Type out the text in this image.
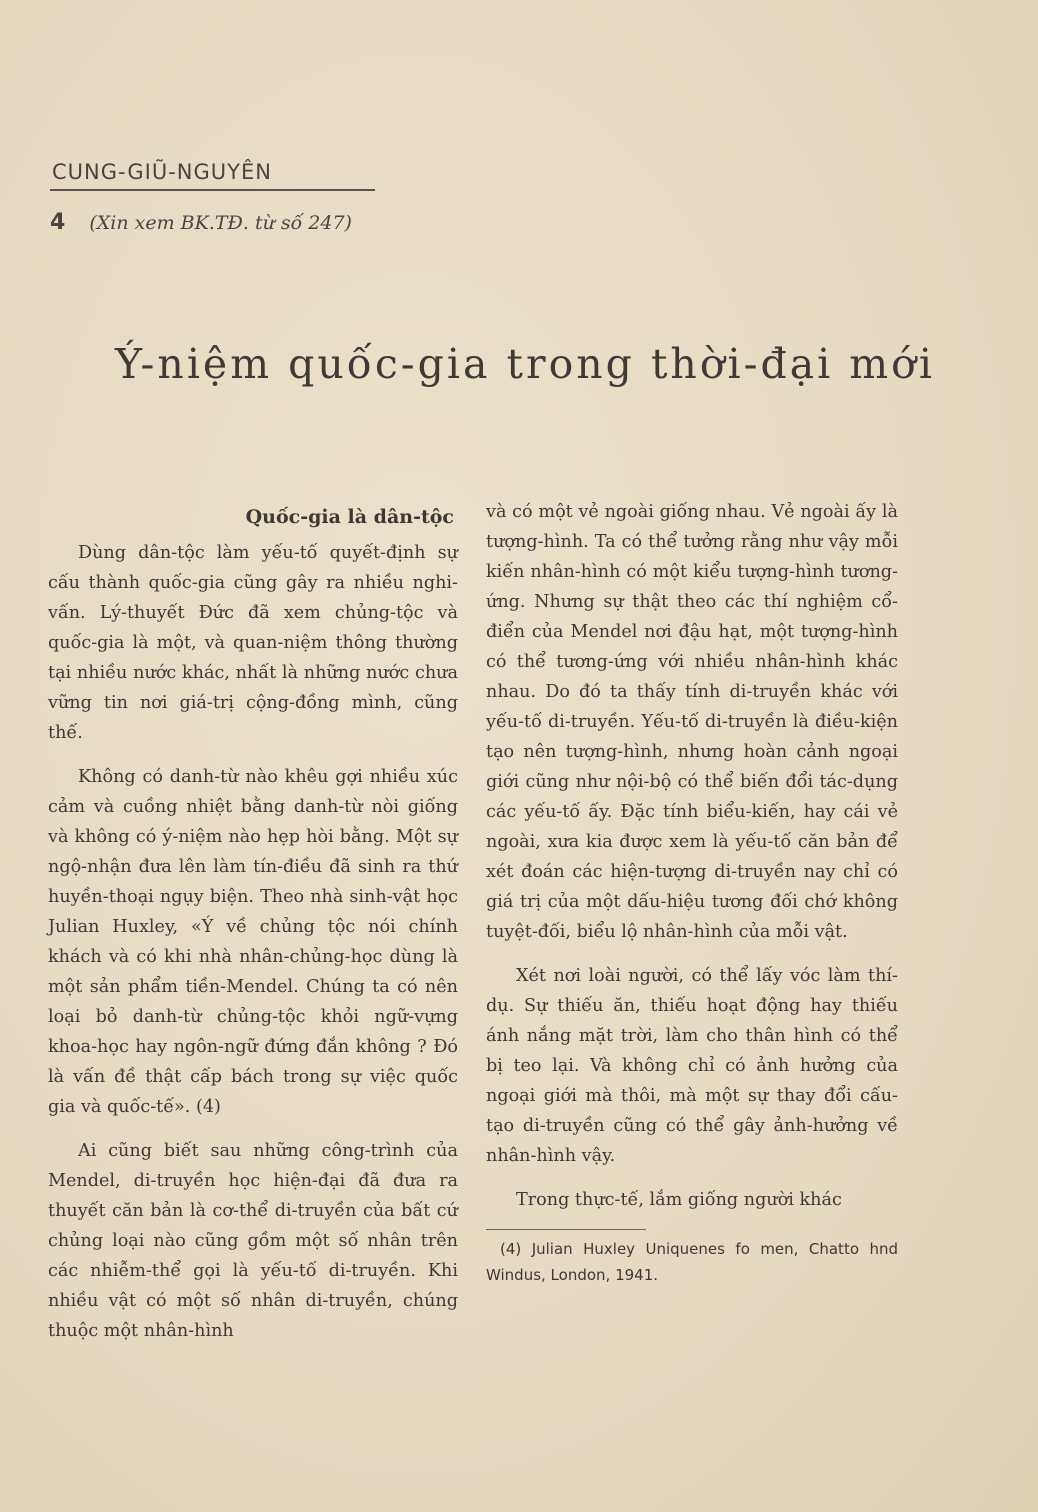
CUNG-GIŨ-NGUYÊN
4 (Xin xem BK.TĐ. từ số 247)
Ý-niệm quốc-gia trong thời-đại mới
Quốc-gia là dân-tộc

Dùng dân-tộc làm yếu-tố quyết-định sự cấu thành quốc-gia cũng gây ra nhiều nghi-vấn. Lý-thuyết Đức đã xem chủng-tộc và quốc-gia là một, và quan-niệm thông thường tại nhiều nước khác, nhất là những nước chưa vững tin nơi giá-trị cộng-đồng mình, cũng thế.

Không có danh-từ nào khêu gợi nhiều xúc cảm và cuồng nhiệt bằng danh-từ nòi giống và không có ý-niệm nào hẹp hòi bằng. Một sự ngộ-nhận đưa lên làm tín-điều đã sinh ra thứ huyền-thoại ngụy biện. Theo nhà sinh-vật học Julian Huxley, «Ý về chủng tộc nói chính khách và có khi nhà nhân-chủng-học dùng là một sản phẩm tiền-Mendel. Chúng ta có nên loại bỏ danh-từ chủng-tộc khỏi ngữ-vựng khoa-học hay ngôn-ngữ đứng đắn không ? Đó là vấn đề thật cấp bách trong sự việc quốc gia và quốc-tế». (4)

Ai cũng biết sau những công-trình của Mendel, di-truyền học hiện-đại đã đưa ra thuyết căn bản là cơ-thể di-truyền của bất cứ chủng loại nào cũng gồm một số nhân trên các nhiễm-thể gọi là yếu-tố di-truyền. Khi nhiều vật có một số nhân di-truyền, chúng thuộc một nhân-hình

và có một vẻ ngoài giống nhau. Vẻ ngoài ấy là tượng-hình. Ta có thể tưởng rằng như vậy mỗi kiến nhân-hình có một kiểu tượng-hình tương-ứng. Nhưng sự thật theo các thí nghiệm cổ-điển của Mendel nơi đậu hạt, một tượng-hình có thể tương-ứng với nhiều nhân-hình khác nhau. Do đó ta thấy tính di-truyền khác với yếu-tố di-truyền. Yếu-tố di-truyền là điều-kiện tạo nên tượng-hình, nhưng hoàn cảnh ngoại giới cũng như nội-bộ có thể biến đổi tác-dụng các yếu-tố ấy. Đặc tính biểu-kiến, hay cái vẻ ngoài, xưa kia được xem là yếu-tố căn bản để xét đoán các hiện-tượng di-truyền nay chỉ có giá trị của một dấu-hiệu tương đối chớ không tuyệt-đối, biểu lộ nhân-hình của mỗi vật.

Xét nơi loài người, có thể lấy vóc làm thí-dụ. Sự thiếu ăn, thiếu hoạt động hay thiếu ánh nắng mặt trời, làm cho thân hình có thể bị teo lại. Và không chỉ có ảnh hưởng của ngoại giới mà thôi, mà một sự thay đổi cấu-tạo di-truyền cũng có thể gây ảnh-hưởng về nhân-hình vậy.

Trong thực-tế, lắm giống người khác

(4) Julian Huxley Uniquenes fo men, Chatto hnd Windus, London, 1941.
